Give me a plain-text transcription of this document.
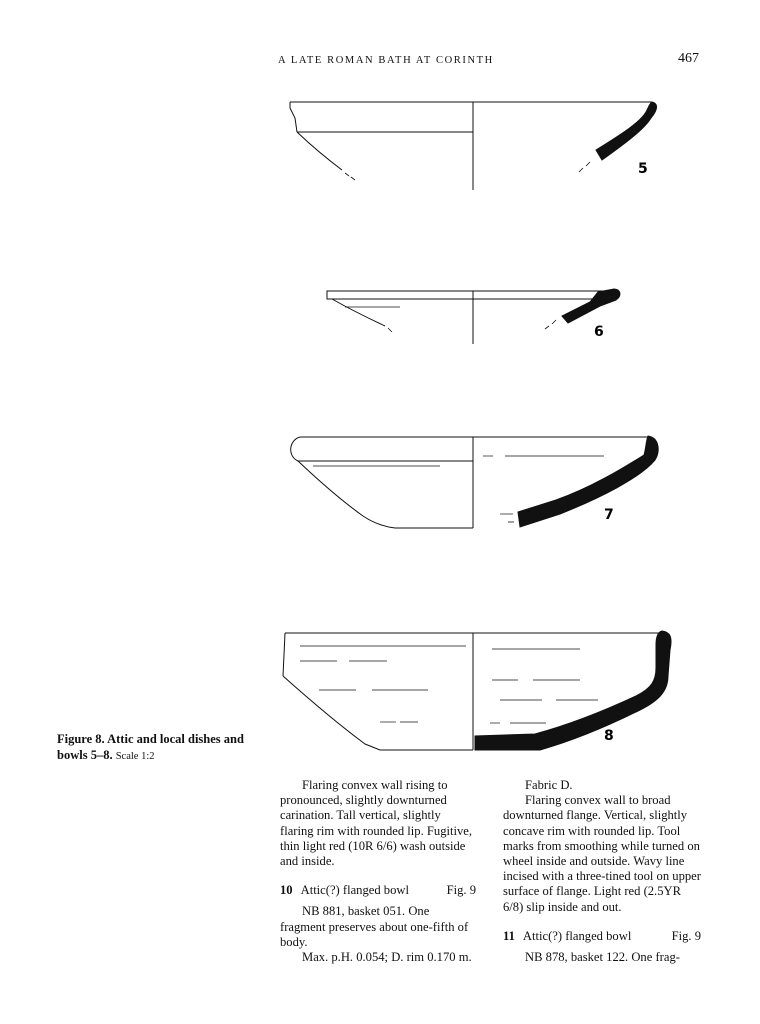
A LATE ROMAN BATH AT CORINTH	467
5
6
7
8
Figure 8. Attic and local dishes and bowls 5–8. Scale 1:2

Flaring convex wall rising to pronounced, slightly downturned carination. Tall vertical, slightly flaring rim with rounded lip. Fugitive, thin light red (10R 6/6) wash outside and inside.

10 Attic(?) flanged bowl	Fig. 9

NB 881, basket 051. One fragment preserves about one-fifth of body.

Max. p.H. 0.054; D. rim 0.170 m.

Fabric D.

Flaring convex wall to broad downturned flange. Vertical, slightly concave rim with rounded lip. Tool marks from smoothing while turned on wheel inside and outside. Wavy line incised with a three-tined tool on upper surface of flange. Light red (2.5YR 6/8) slip inside and out.

11 Attic(?) flanged bowl	Fig. 9

NB 878, basket 122. One frag-
